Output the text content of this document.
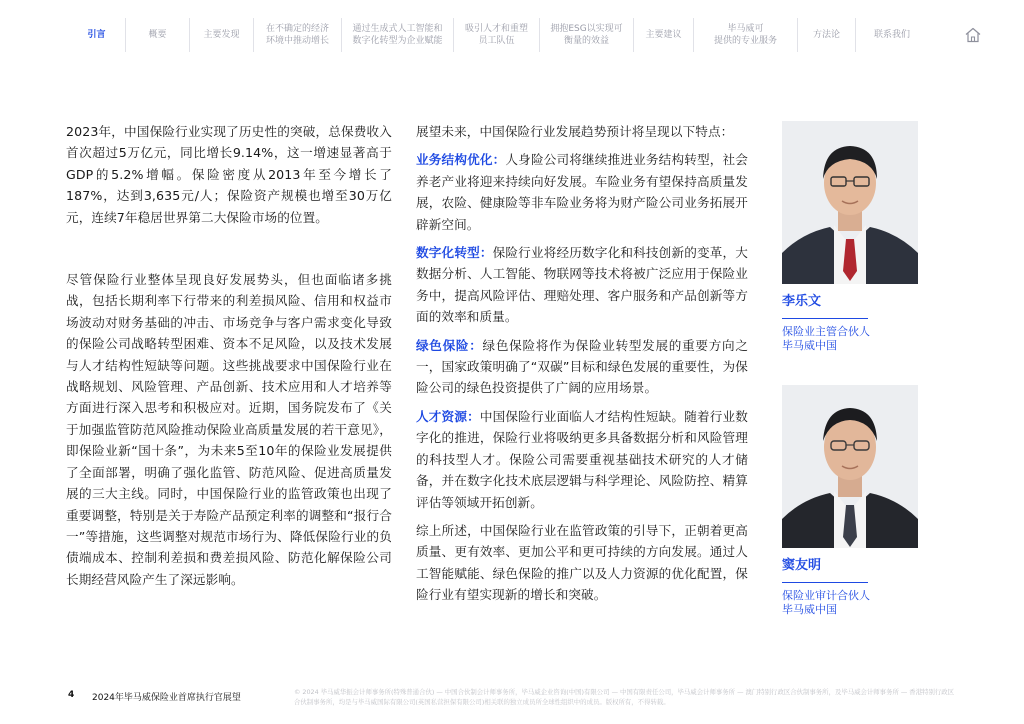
引言	概要	主要发现
在不确定的经济
环境中推动增长
通过生成式人工智能和
数字化转型为企业赋能
吸引人才和重塑
员工队伍
拥抱ESG以实现可
衡量的效益
主要建议
毕马威可
提供的专业服务
方法论	联系我们

2023年，中国保险行业实现了历史性的突破，总保费收入首次超过5万亿元，同比增长9.14%，这一增速显著高于GDP的5.2%增幅。保险密度从2013年至今增长了187%，达到3,635元/人；保险资产规模也增至30万亿元，连续7年稳居世界第二大保险市场的位置。

尽管保险行业整体呈现良好发展势头，但也面临诸多挑战，包括长期利率下行带来的利差损风险、信用和权益市场波动对财务基础的冲击、市场竞争与客户需求变化导致的保险公司战略转型困难、资本不足风险，以及技术发展与人才结构性短缺等问题。这些挑战要求中国保险行业在战略规划、风险管理、产品创新、技术应用和人才培养等方面进行深入思考和积极应对。近期，国务院发布了《关于加强监管防范风险推动保险业高质量发展的若干意见》，即保险业新“国十条”，为未来5至10年的保险业发展提供了全面部署，明确了强化监管、防范风险、促进高质量发展的三大主线。同时，中国保险行业的监管政策也出现了重要调整，特别是关于寿险产品预定利率的调整和“报行合一”等措施，这些调整对规范市场行为、降低保险行业的负债端成本、控制利差损和费差损风险、防范化解保险公司长期经营风险产生了深远影响。

展望未来，中国保险行业发展趋势预计将呈现以下特点：

业务结构优化：人身险公司将继续推进业务结构转型，社会养老产业将迎来持续向好发展。车险业务有望保持高质量发展，农险、健康险等非车险业务将为财产险公司业务拓展开辟新空间。

数字化转型：保险行业将经历数字化和科技创新的变革，大数据分析、人工智能、物联网等技术将被广泛应用于保险业务中，提高风险评估、理赔处理、客户服务和产品创新等方面的效率和质量。

绿色保险：绿色保险将作为保险业转型发展的重要方向之一，国家政策明确了“双碳”目标和绿色发展的重要性，为保险公司的绿色投资提供了广阔的应用场景。

人才资源：中国保险行业面临人才结构性短缺。随着行业数字化的推进，保险行业将吸纳更多具备数据分析和风险管理的科技型人才。保险公司需要重视基础技术研究的人才储备，并在数字化技术底层逻辑与科学理论、风险防控、精算评估等领域开拓创新。

综上所述，中国保险行业在监管政策的引导下，正朝着更高质量、更有效率、更加公平和更可持续的方向发展。通过人工智能赋能、绿色保险的推广以及人力资源的优化配置，保险行业有望实现新的增长和突破。

李乐文
保险业主管合伙人
毕马威中国
窦友明
保险业审计合伙人
毕马威中国
4 2024年毕马威保险业首席执行官展望
© 2024 毕马威华振会计师事务所(特殊普通合伙) — 中国合伙制会计师事务所，毕马威企业咨询(中国)有限公司 — 中国有限责任公司，毕马威会计师事务所 — 澳门特别行政区合伙制事务所，及毕马威会计师事务所 — 香港特别行政区合伙制事务所，均是与毕马威国际有限公司(英国私营担保有限公司)相关联的独立成员所全球性组织中的成员。版权所有，不得转载。
